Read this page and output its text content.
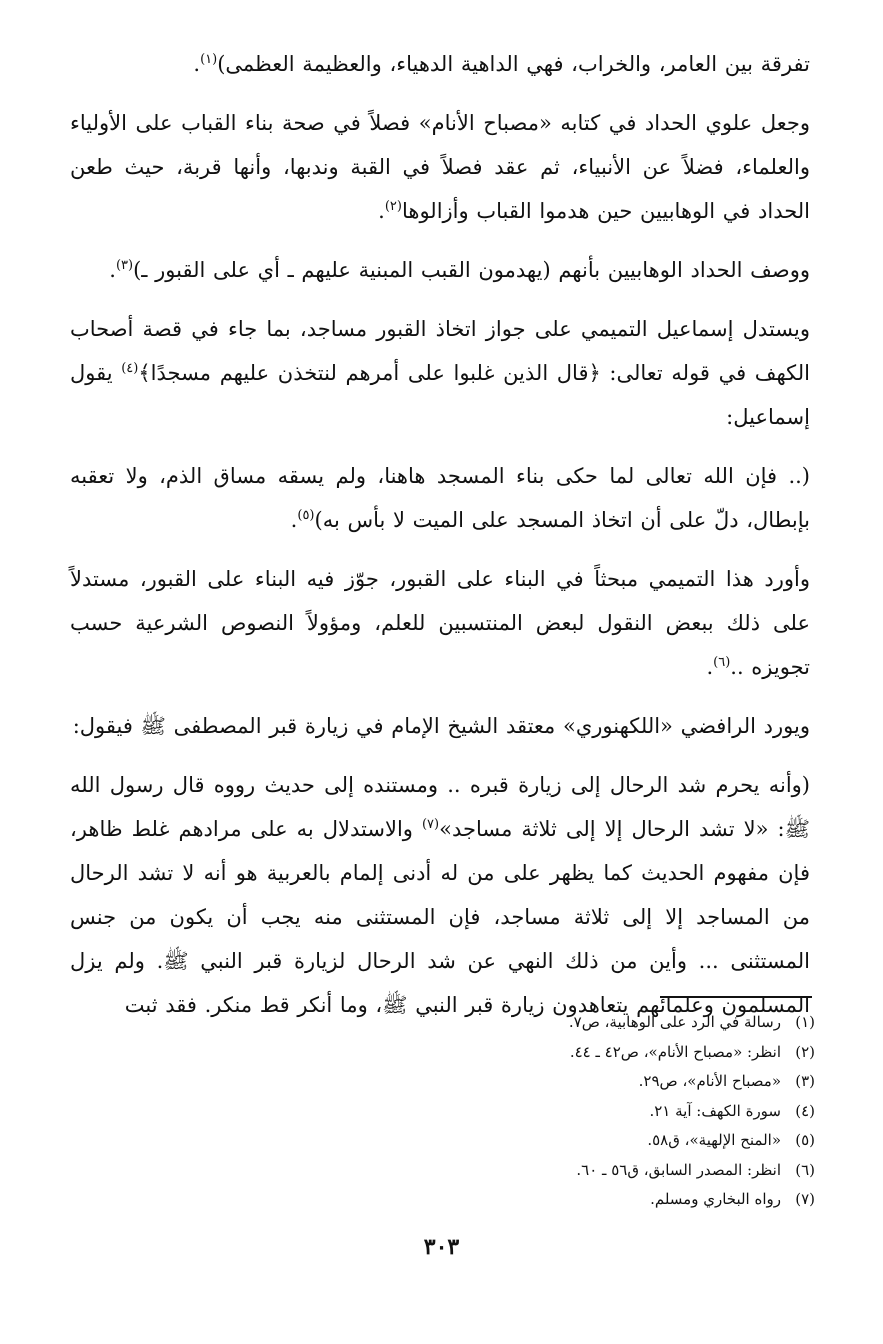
تفرقة بين العامر، والخراب، فهي الداهية الدهياء، والعظيمة العظمى)$^{(١)}$.

وجعل علوي الحداد في كتابه «مصباح الأنام» فصلاً في صحة بناء القباب على الأولياء والعلماء، فضلاً عن الأنبياء، ثم عقد فصلاً في القبة وندبها، وأنها قربة، حيث طعن الحداد في الوهابيين حين هدموا القباب وأزالوها$^{(٢)}$.

ووصف الحداد الوهابيين بأنهم (يهدمون القبب المبنية عليهم ـ أي على القبور ـ)$^{(٣)}$.

ويستدل إسماعيل التميمي على جواز اتخاذ القبور مساجد، بما جاء في قصة أصحاب الكهف في قوله تعالى: ﴿قال الذين غلبوا على أمرهم لنتخذن عليهم مسجدًا﴾$^{(٤)}$ يقول إسماعيل:

(.. فإن الله تعالى لما حكى بناء المسجد هاهنا، ولم يسقه مساق الذم، ولا تعقبه بإبطال، دلّ على أن اتخاذ المسجد على الميت لا بأس به)$^{(٥)}$.

وأورد هذا التميمي مبحثاً في البناء على القبور، جوّز فيه البناء على القبور، مستدلاً على ذلك ببعض النقول لبعض المنتسبين للعلم، ومؤولاً النصوص الشرعية حسب تجويزه ..$^{(٦)}$.

ويورد الرافضي «اللكهنوري» معتقد الشيخ الإمام في زيارة قبر المصطفى ﷺ فيقول:

(وأنه يحرم شد الرحال إلى زيارة قبره .. ومستنده إلى حديث رووه قال رسول الله ﷺ: «لا تشد الرحال إلا إلى ثلاثة مساجد»$^{(٧)}$ والاستدلال به على مرادهم غلط ظاهر، فإن مفهوم الحديث كما يظهر على من له أدنى إلمام بالعربية هو أنه لا تشد الرحال من المساجد إلا إلى ثلاثة مساجد، فإن المستثنى منه يجب أن يكون من جنس المستثنى ... وأين من ذلك النهي عن شد الرحال لزيارة قبر النبي ﷺ. ولم يزل المسلمون وعلمائهم يتعاهدون زيارة قبر النبي ﷺ، وما أنكر قط منكر. فقد ثبت

(١)
رسالة في الرد على الوهابية، ص٧.
(٢)
انظر: «مصباح الأنام»، ص٤٢ ـ ٤٤.
(٣)
«مصباح الأنام»، ص٢٩.
(٤)
سورة الكهف: آية ٢١.
(٥)
«المنح الإلهية»، ق٥٨.
(٦)
انظر: المصدر السابق، ق٥٦ ـ ٦٠.
(٧)
رواه البخاري ومسلم.
٣٠٣
